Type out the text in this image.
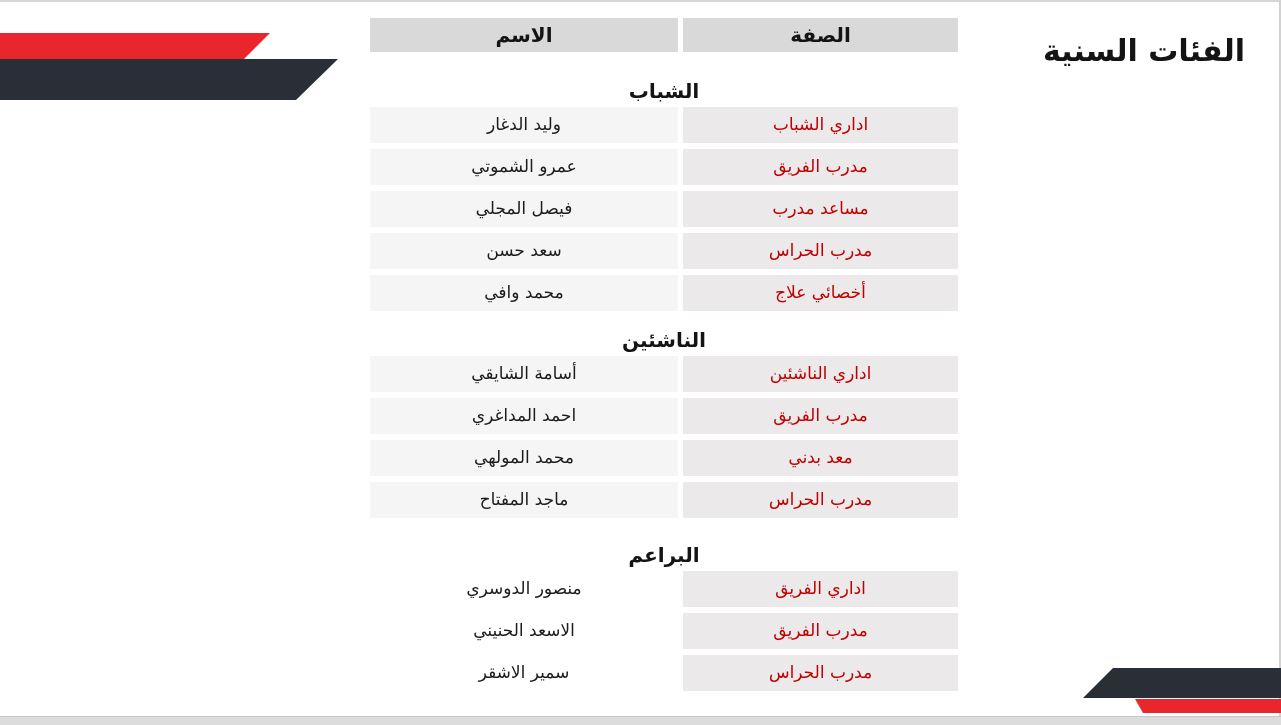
الفئات السنية
الصفة
الاسم
الشباب
اداري الشباب
وليد الدغار
مدرب الفريق
عمرو الشموتي
مساعد مدرب
فيصل المجلي
مدرب الحراس
سعد حسن
أخصائي علاج
محمد وافي
الناشئين
اداري الناشئين
أسامة الشايقي
مدرب الفريق
احمد المداغري
معد بدني
محمد المولهي
مدرب الحراس
ماجد المفتاح
البراعم
اداري الفريق
منصور الدوسري
مدرب الفريق
الاسعد الحنيني
مدرب الحراس
سمير الاشقر
